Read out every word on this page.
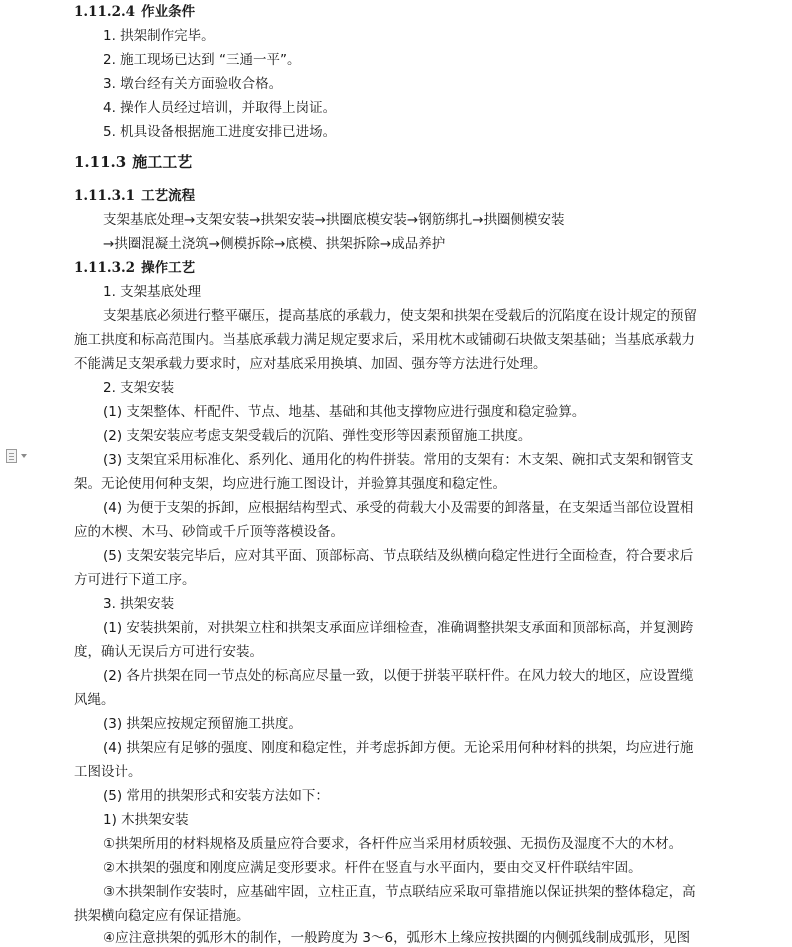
1.11.2.4 作业条件
1. 拱架制作完毕。
2. 施工现场已达到 “三通一平”。
3. 墩台经有关方面验收合格。
4. 操作人员经过培训，并取得上岗证。
5. 机具设备根据施工进度安排已进场。
1.11.3 施工工艺
1.11.3.1 工艺流程
支架基底处理→支架安装→拱架安装→拱圈底模安装→钢筋绑扎→拱圈侧模安装
→拱圈混凝土浇筑→侧模拆除→底模、拱架拆除→成品养护
1.11.3.2 操作工艺
1. 支架基底处理
支架基底必须进行整平碾压，提高基底的承载力，使支架和拱架在受载后的沉陷度在设计规定的预留
施工拱度和标高范围内。当基底承载力满足规定要求后，采用枕木或铺砌石块做支架基础；当基底承载力
不能满足支架承载力要求时，应对基底采用换填、加固、强夯等方法进行处理。
2. 支架安装
(1) 支架整体、杆配件、节点、地基、基础和其他支撑物应进行强度和稳定验算。
(2) 支架安装应考虑支架受载后的沉陷、弹性变形等因素预留施工拱度。
(3) 支架宜采用标准化、系列化、通用化的构件拼装。常用的支架有：木支架、碗扣式支架和钢管支
架。无论使用何种支架，均应进行施工图设计，并验算其强度和稳定性。
(4) 为便于支架的拆卸，应根据结构型式、承受的荷载大小及需要的卸落量，在支架适当部位设置相
应的木楔、木马、砂筒或千斤顶等落模设备。
(5) 支架安装完毕后，应对其平面、顶部标高、节点联结及纵横向稳定性进行全面检查，符合要求后
方可进行下道工序。
3. 拱架安装
(1) 安装拱架前，对拱架立柱和拱架支承面应详细检查，准确调整拱架支承面和顶部标高，并复测跨
度，确认无误后方可进行安装。
(2) 各片拱架在同一节点处的标高应尽量一致，以便于拼装平联杆件。在风力较大的地区，应设置缆
风绳。
(3) 拱架应按规定预留施工拱度。
(4) 拱架应有足够的强度、刚度和稳定性，并考虑拆卸方便。无论采用何种材料的拱架，均应进行施
工图设计。
(5) 常用的拱架形式和安装方法如下：
1) 木拱架安装
①拱架所用的材料规格及质量应符合要求，各杆件应当采用材质较强、无损伤及湿度不大的木材。
②木拱架的强度和刚度应满足变形要求。杆件在竖直与水平面内，要由交叉杆件联结牢固。
③木拱架制作安装时，应基础牢固，立柱正直，节点联结应采取可靠措施以保证拱架的整体稳定，高
拱架横向稳定应有保证措施。
④应注意拱架的弧形木的制作，一般跨度为 3～6，弧形木上缘应按拱圈的内侧弧线制成弧形，见图
